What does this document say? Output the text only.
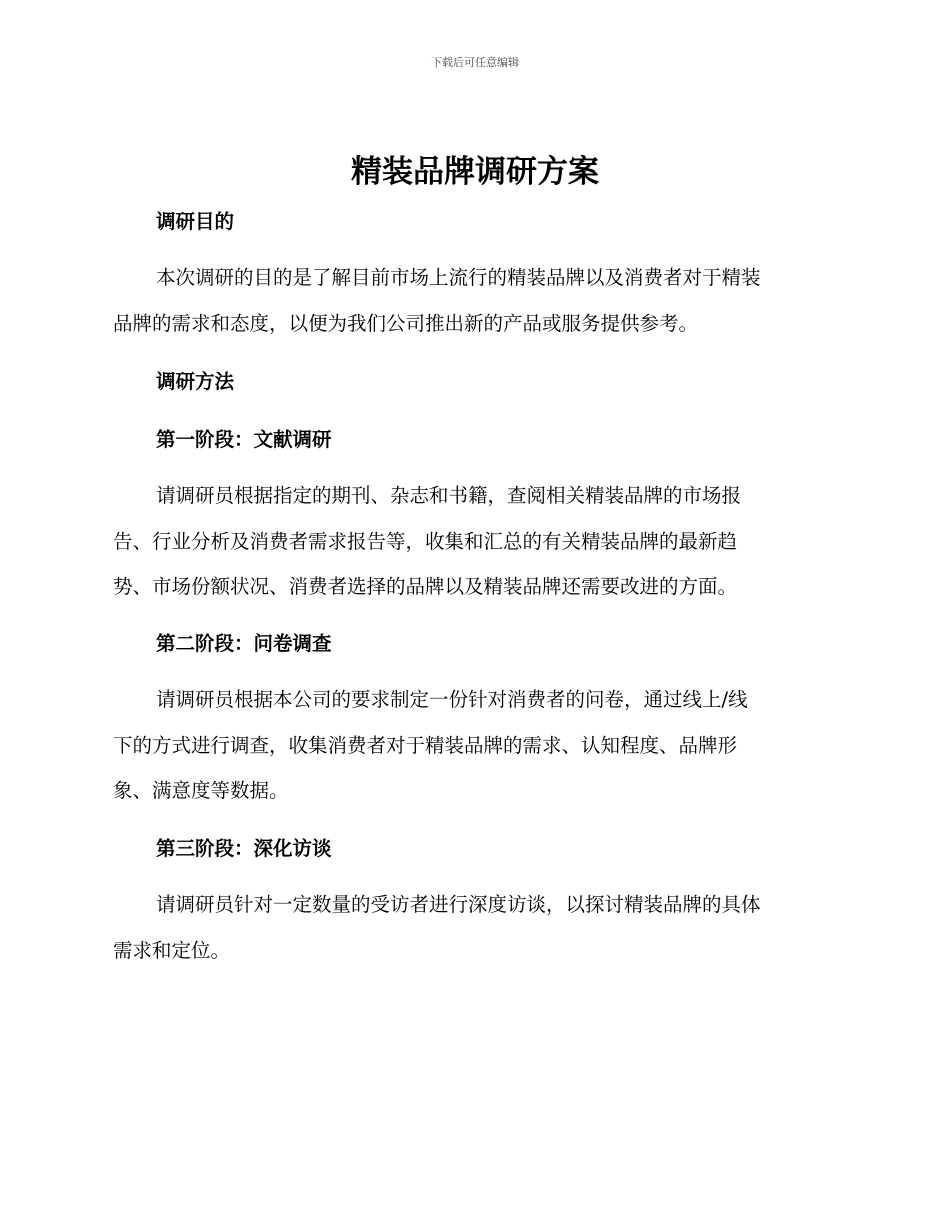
下载后可任意编辑
精装品牌调研方案
调研目的
本次调研的目的是了解目前市场上流行的精装品牌以及消费者对于精装
品牌的需求和态度，以便为我们公司推出新的产品或服务提供参考。
调研方法
第一阶段：文献调研
请调研员根据指定的期刊、杂志和书籍，查阅相关精装品牌的市场报
告、行业分析及消费者需求报告等，收集和汇总的有关精装品牌的最新趋
势、市场份额状况、消费者选择的品牌以及精装品牌还需要改进的方面。
第二阶段：问卷调查
请调研员根据本公司的要求制定一份针对消费者的问卷，通过线上/线
下的方式进行调查，收集消费者对于精装品牌的需求、认知程度、品牌形
象、满意度等数据。
第三阶段：深化访谈
请调研员针对一定数量的受访者进行深度访谈，以探讨精装品牌的具体
需求和定位。
